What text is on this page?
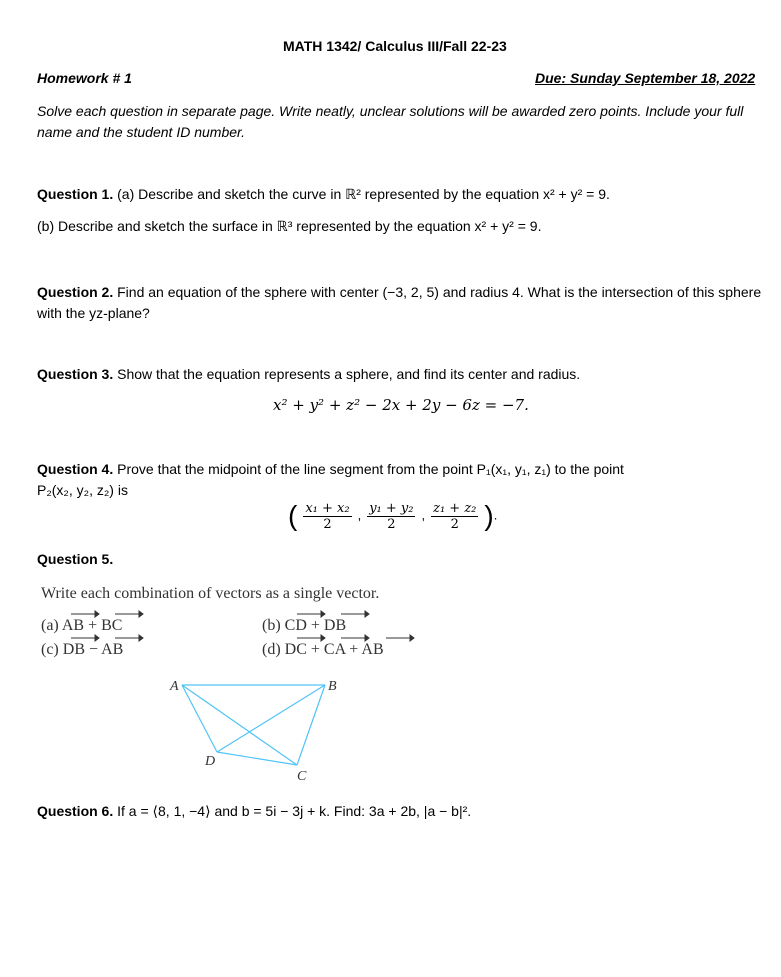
MATH 1342/ Calculus III/Fall 22-23
Homework # 1	Due: Sunday September 18, 2022
Solve each question in separate page. Write neatly, unclear solutions will be awarded zero points. Include your full name and the student ID number.
Question 1. (a) Describe and sketch the curve in ℝ² represented by the equation x² + y² = 9.
(b) Describe and sketch the surface in ℝ³ represented by the equation x² + y² = 9.
Question 2. Find an equation of the sphere with center (−3, 2, 5) and radius 4. What is the intersection of this sphere with the yz-plane?
Question 3. Show that the equation represents a sphere, and find its center and radius.
x² + y² + z² − 2x + 2y − 6z = −7.
Question 4. Prove that the midpoint of the line segment from the point P₁(x₁, y₁, z₁) to the point
P₂(x₂, y₂, z₂) is
( $\frac{\text{x₁ + x₂}}{2}$ , $\frac{\text{y₁ + y₂}}{2}$ , $\frac{\text{z₁ + z₂}}{2}$ ).
Question 5.
Write each combination of vectors as a single vector.
(a) AB + BC	(b) CD + DB
(c) DB − AB	(d) DC + CA + AB
A	B
C
D
Question 6. If a = ⟨8, 1, −4⟩ and b = 5i − 3j + k. Find: 3a + 2b, |a − b|².
